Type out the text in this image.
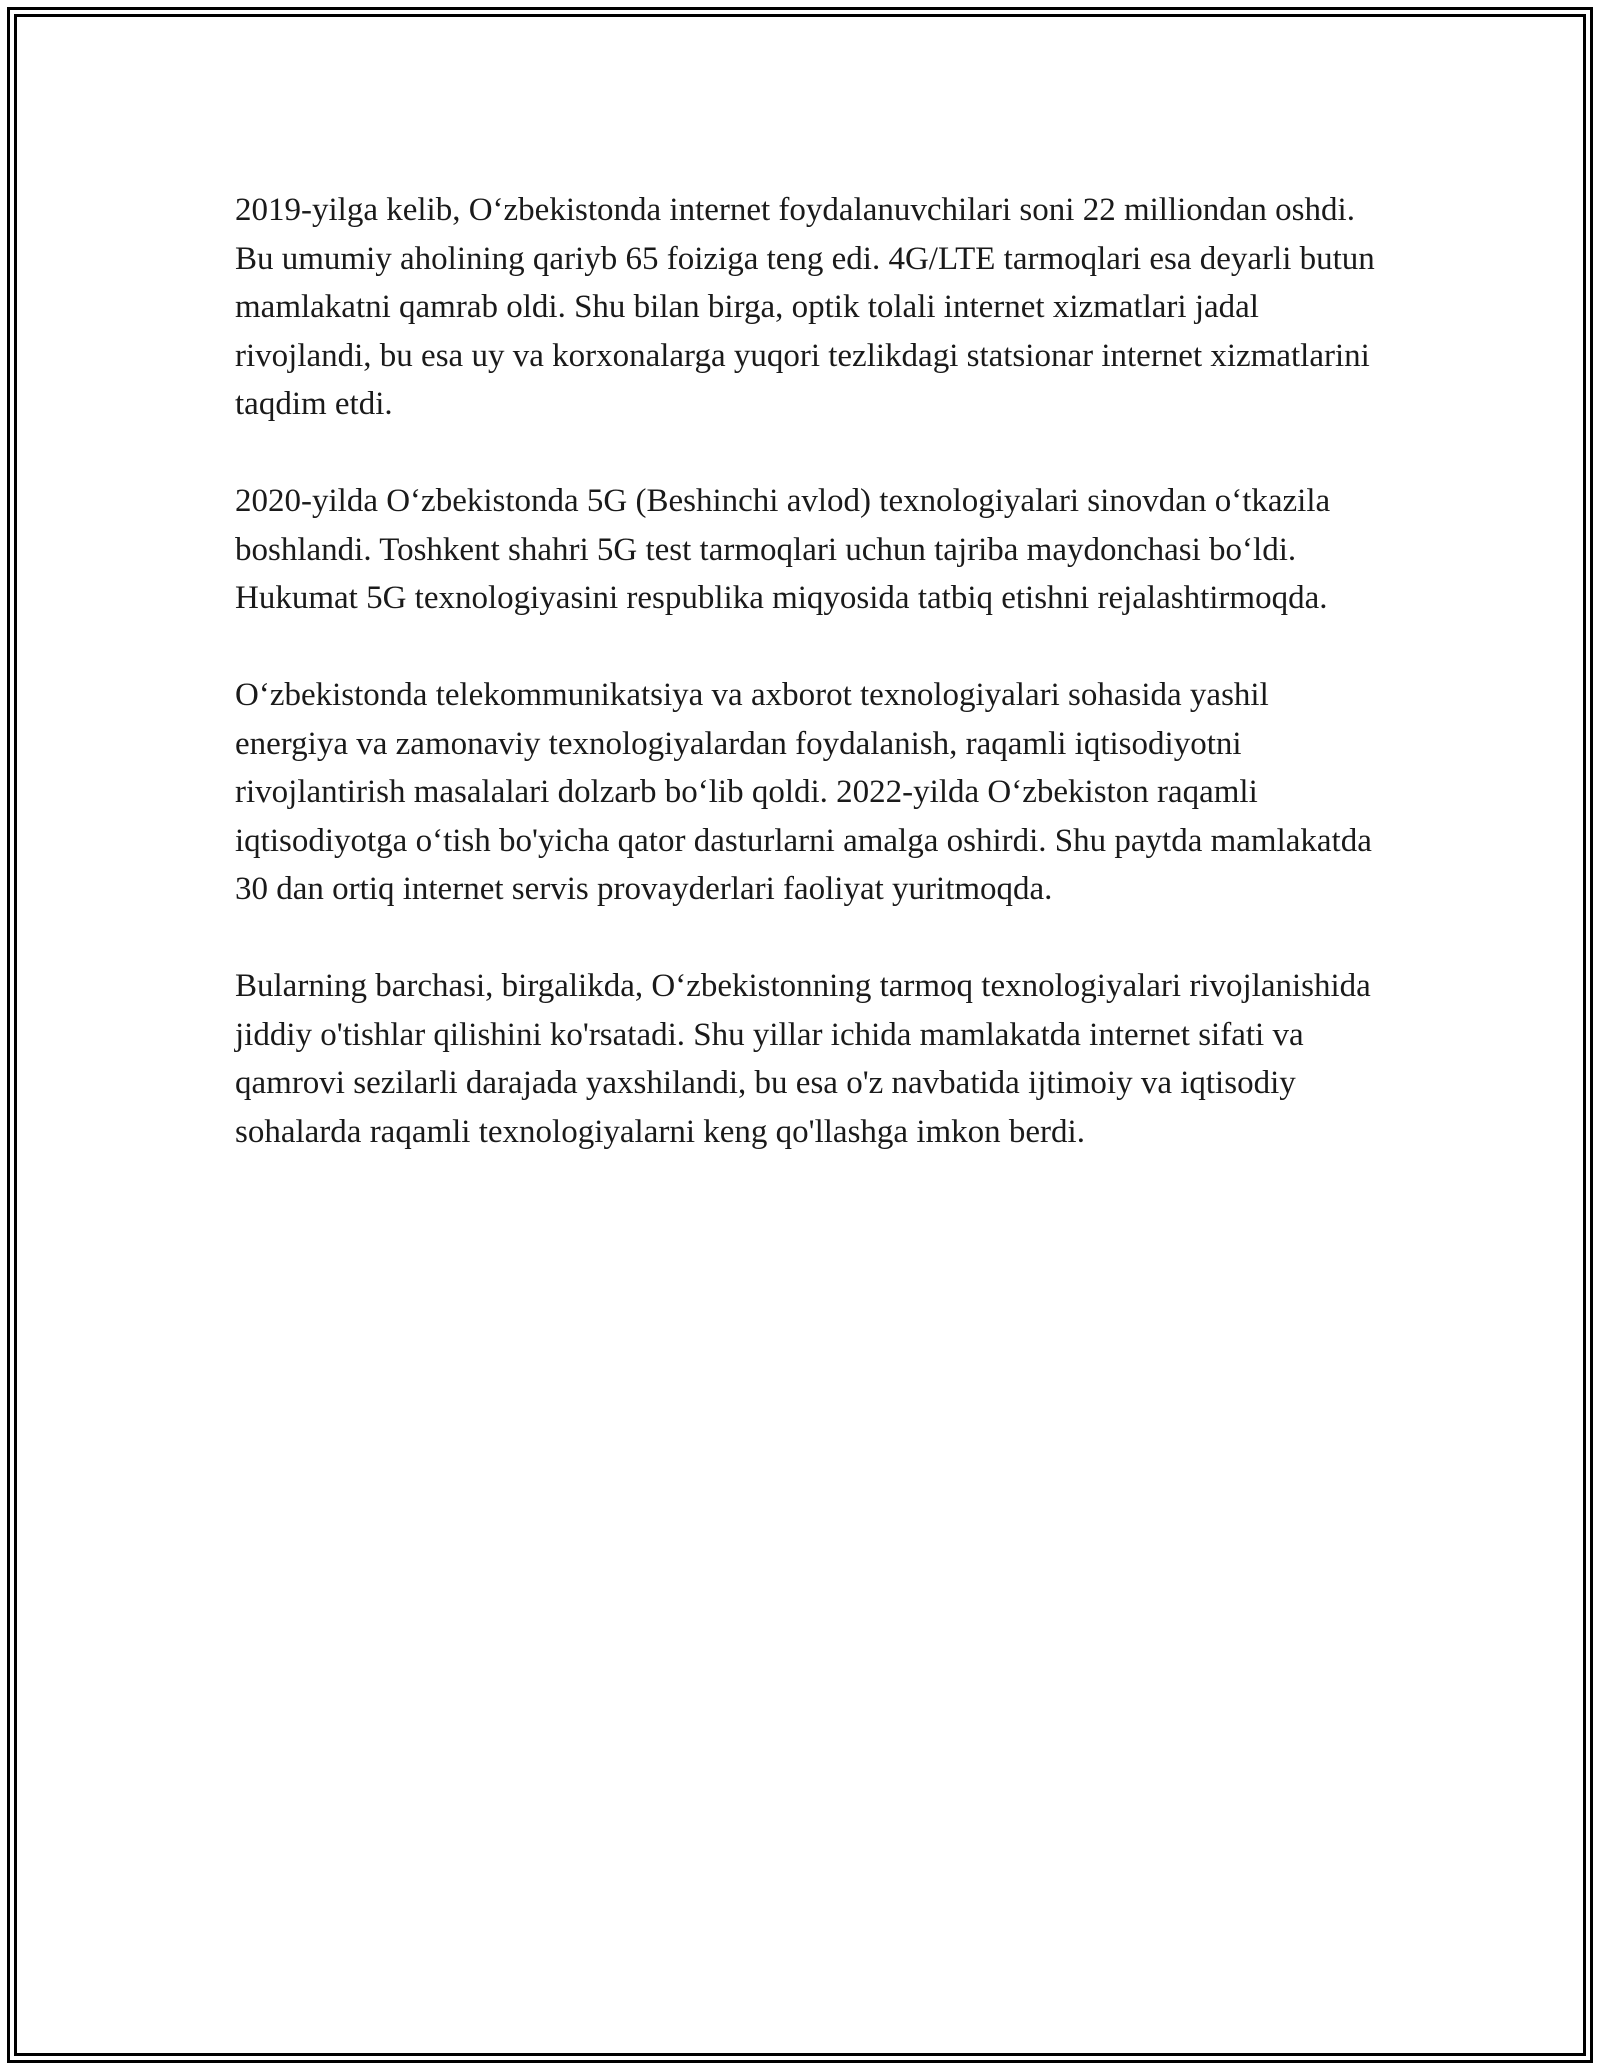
2019-yilga kelib, O‘zbekistonda internet foydalanuvchilari soni 22 milliondan oshdi. Bu umumiy aholining qariyb 65 foiziga teng edi. 4G/LTE tarmoqlari esa deyarli butun mamlakatni qamrab oldi. Shu bilan birga, optik tolali internet xizmatlari jadal rivojlandi, bu esa uy va korxonalarga yuqori tezlikdagi statsionar internet xizmatlarini taqdim etdi.

2020-yilda O‘zbekistonda 5G (Beshinchi avlod) texnologiyalari sinovdan o‘tkazila boshlandi. Toshkent shahri 5G test tarmoqlari uchun tajriba maydonchasi bo‘ldi. Hukumat 5G texnologiyasini respublika miqyosida tatbiq etishni rejalashtirmoqda.

O‘zbekistonda telekommunikatsiya va axborot texnologiyalari sohasida yashil energiya va zamonaviy texnologiyalardan foydalanish, raqamli iqtisodiyotni rivojlantirish masalalari dolzarb bo‘lib qoldi. 2022-yilda O‘zbekiston raqamli iqtisodiyotga o‘tish bo'yicha qator dasturlarni amalga oshirdi. Shu paytda mamlakatda 30 dan ortiq internet servis provayderlari faoliyat yuritmoqda.

Bularning barchasi, birgalikda, O‘zbekistonning tarmoq texnologiyalari rivojlanishida jiddiy o'tishlar qilishini ko'rsatadi. Shu yillar ichida mamlakatda internet sifati va qamrovi sezilarli darajada yaxshilandi, bu esa o'z navbatida ijtimoiy va iqtisodiy sohalarda raqamli texnologiyalarni keng qo'llashga imkon berdi.
